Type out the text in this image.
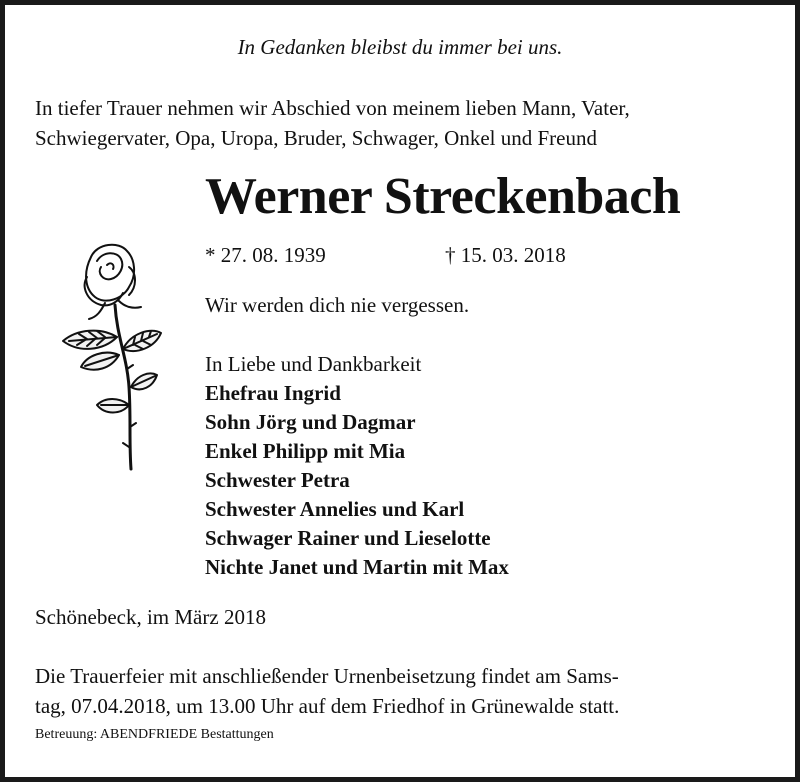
In Gedanken bleibst du immer bei uns.
In tiefer Trauer nehmen wir Abschied von meinem lieben Mann, Vater,
Schwiegervater, Opa, Uropa, Bruder, Schwager, Onkel und Freund
Werner Streckenbach
* 27. 08. 1939	† 15. 03. 2018
Wir werden dich nie vergessen.
In Liebe und Dankbarkeit
Ehefrau Ingrid
Sohn Jörg und Dagmar
Enkel Philipp mit Mia
Schwester Petra
Schwester Annelies und Karl
Schwager Rainer und Lieselotte
Nichte Janet und Martin mit Max
Schönebeck, im März 2018
Die Trauerfeier mit anschließender Urnenbeisetzung findet am Sams-
tag, 07.04.2018, um 13.00 Uhr auf dem Friedhof in Grünewalde statt.
Betreuung: ABENDFRIEDE Bestattungen
